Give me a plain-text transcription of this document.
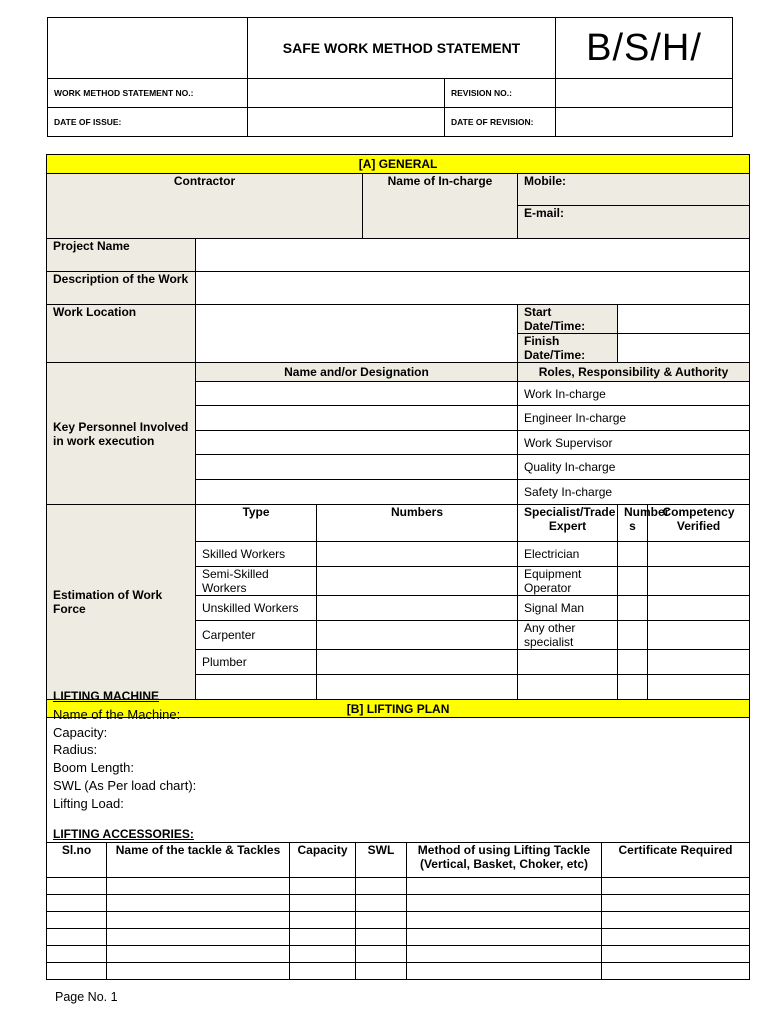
	SAFE WORK METHOD STATEMENT		B/S/H/
WORK METHOD STATEMENT NO.:		REVISION NO.:	
DATE OF ISSUE:		DATE OF REVISION:	
[A] GENERAL						
Contractor			Name of In-charge	Mobile:		
				E-mail:		
Project Name						
Description of the Work						
Work Location				Start Date/Time:		
				Finish Date/Time:		
Key Personnel Involved in work execution	Name and/or Designation			Roles, Responsibility & Authority		
				Work In-charge		
				Engineer In-charge		
				Work Supervisor		
				Quality In-charge		
				Safety In-charge		
Estimation of Work Force	Type	Numbers		Specialist/Trade Expert	Number s	Competency Verified
	Skilled Workers			Electrician		
	Semi-Skilled Workers			Equipment Operator		
	Unskilled Workers			Signal Man		
	Carpenter			Any other specialist		
	Plumber					

[B] LIFTING PLAN						
LIFTING MACHINE
Name of the Machine:
Capacity:
Radius:
Boom Length:
SWL (As Per load chart):
Lifting Load:
LIFTING ACCESSORIES:
Sl.no	Name of the tackle & Tackles	Capacity	SWL	Method of using Lifting Tackle (Vertical, Basket, Choker, etc)	Certificate Required

Page No. 1
